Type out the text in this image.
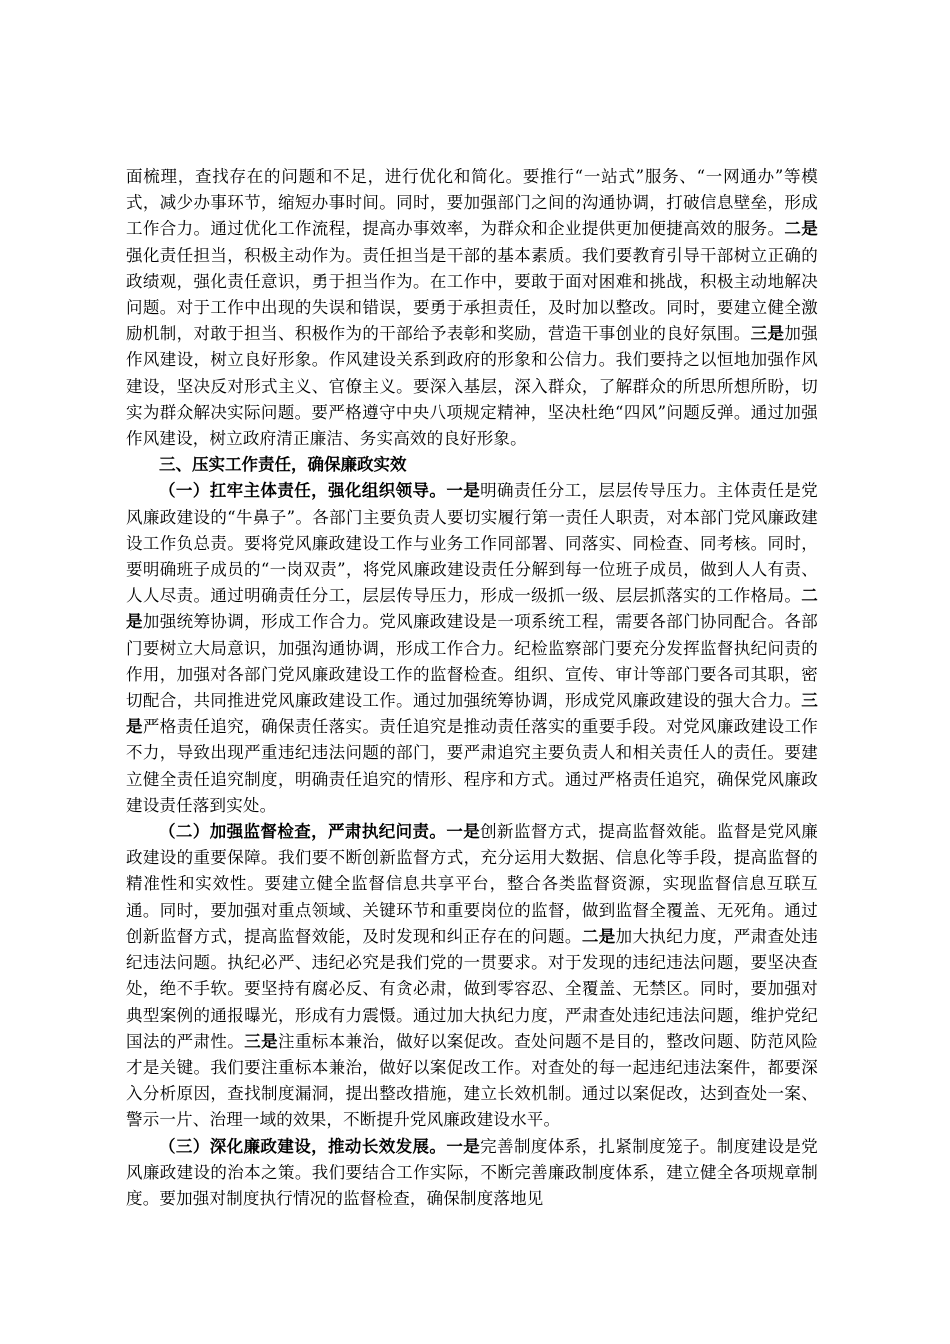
面梳理，查找存在的问题和不足，进行优化和简化。要推行“一站式”服务、“一网通办”等模式，减少办事环节，缩短办事时间。同时，要加强部门之间的沟通协调，打破信息壁垒，形成工作合力。通过优化工作流程，提高办事效率，为群众和企业提供更加便捷高效的服务。二是强化责任担当，积极主动作为。责任担当是干部的基本素质。我们要教育引导干部树立正确的政绩观，强化责任意识，勇于担当作为。在工作中，要敢于面对困难和挑战，积极主动地解决问题。对于工作中出现的失误和错误，要勇于承担责任，及时加以整改。同时，要建立健全激励机制，对敢于担当、积极作为的干部给予表彰和奖励，营造干事创业的良好氛围。三是加强作风建设，树立良好形象。作风建设关系到政府的形象和公信力。我们要持之以恒地加强作风建设，坚决反对形式主义、官僚主义。要深入基层，深入群众，了解群众的所思所想所盼，切实为群众解决实际问题。要严格遵守中央八项规定精神，坚决杜绝“四风”问题反弹。通过加强作风建设，树立政府清正廉洁、务实高效的良好形象。

三、压实工作责任，确保廉政实效

（一）扛牢主体责任，强化组织领导。一是明确责任分工，层层传导压力。主体责任是党风廉政建设的“牛鼻子”。各部门主要负责人要切实履行第一责任人职责，对本部门党风廉政建设工作负总责。要将党风廉政建设工作与业务工作同部署、同落实、同检查、同考核。同时，要明确班子成员的“一岗双责”，将党风廉政建设责任分解到每一位班子成员，做到人人有责、人人尽责。通过明确责任分工，层层传导压力，形成一级抓一级、层层抓落实的工作格局。二是加强统筹协调，形成工作合力。党风廉政建设是一项系统工程，需要各部门协同配合。各部门要树立大局意识，加强沟通协调，形成工作合力。纪检监察部门要充分发挥监督执纪问责的作用，加强对各部门党风廉政建设工作的监督检查。组织、宣传、审计等部门要各司其职，密切配合，共同推进党风廉政建设工作。通过加强统筹协调，形成党风廉政建设的强大合力。三是严格责任追究，确保责任落实。责任追究是推动责任落实的重要手段。对党风廉政建设工作不力，导致出现严重违纪违法问题的部门，要严肃追究主要负责人和相关责任人的责任。要建立健全责任追究制度，明确责任追究的情形、程序和方式。通过严格责任追究，确保党风廉政建设责任落到实处。

（二）加强监督检查，严肃执纪问责。一是创新监督方式，提高监督效能。监督是党风廉政建设的重要保障。我们要不断创新监督方式，充分运用大数据、信息化等手段，提高监督的精准性和实效性。要建立健全监督信息共享平台，整合各类监督资源，实现监督信息互联互通。同时，要加强对重点领域、关键环节和重要岗位的监督，做到监督全覆盖、无死角。通过创新监督方式，提高监督效能，及时发现和纠正存在的问题。二是加大执纪力度，严肃查处违纪违法问题。执纪必严、违纪必究是我们党的一贯要求。对于发现的违纪违法问题，要坚决查处，绝不手软。要坚持有腐必反、有贪必肃，做到零容忍、全覆盖、无禁区。同时，要加强对典型案例的通报曝光，形成有力震慑。通过加大执纪力度，严肃查处违纪违法问题，维护党纪国法的严肃性。三是注重标本兼治，做好以案促改。查处问题不是目的，整改问题、防范风险才是关键。我们要注重标本兼治，做好以案促改工作。对查处的每一起违纪违法案件，都要深入分析原因，查找制度漏洞，提出整改措施，建立长效机制。通过以案促改，达到查处一案、警示一片、治理一域的效果，不断提升党风廉政建设水平。

（三）深化廉政建设，推动长效发展。一是完善制度体系，扎紧制度笼子。制度建设是党风廉政建设的治本之策。我们要结合工作实际，不断完善廉政制度体系，建立健全各项规章制度。要加强对制度执行情况的监督检查，确保制度落地见
